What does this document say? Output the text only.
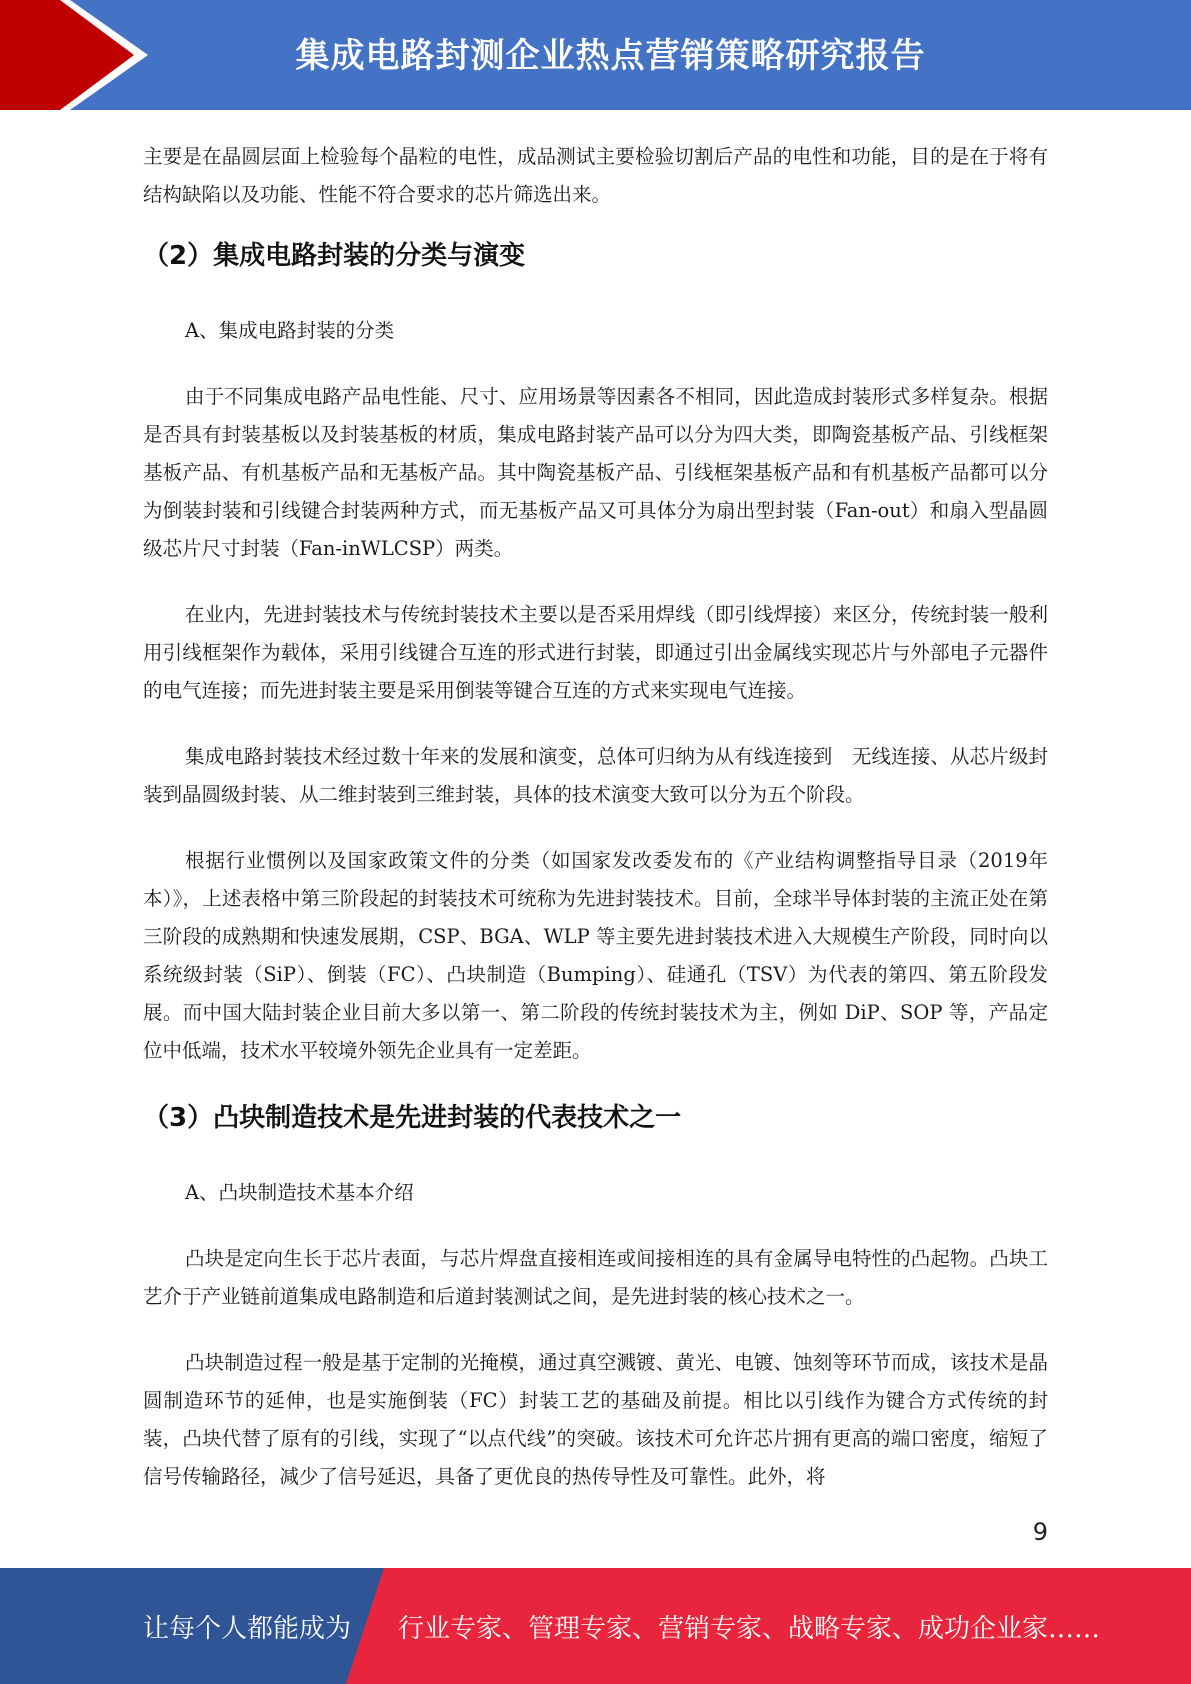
集成电路封测企业热点营销策略研究报告

主要是在晶圆层面上检验每个晶粒的电性，成品测试主要检验切割后产品的电性和功能，目的是在于将有结构缺陷以及功能、性能不符合要求的芯片筛选出来。

（2）集成电路封装的分类与演变
A、集成电路封装的分类

由于不同集成电路产品电性能、尺寸、应用场景等因素各不相同，因此造成封装形式多样复杂。根据是否具有封装基板以及封装基板的材质，集成电路封装产品可以分为四大类，即陶瓷基板产品、引线框架基板产品、有机基板产品和无基板产品。其中陶瓷基板产品、引线框架基板产品和有机基板产品都可以分为倒装封装和引线键合封装两种方式，而无基板产品又可具体分为扇出型封装（Fan-out）和扇入型晶圆级芯片尺寸封装（Fan-inWLCSP）两类。

在业内，先进封装技术与传统封装技术主要以是否采用焊线（即引线焊接）来区分，传统封装一般利用引线框架作为载体，采用引线键合互连的形式进行封装，即通过引出金属线实现芯片与外部电子元器件的电气连接；而先进封装主要是采用倒装等键合互连的方式来实现电气连接。

集成电路封装技术经过数十年来的发展和演变，总体可归纳为从有线连接到　无线连接、从芯片级封装到晶圆级封装、从二维封装到三维封装，具体的技术演变大致可以分为五个阶段。

根据行业惯例以及国家政策文件的分类（如国家发改委发布的《产业结构调整指导目录（2019年本）》，上述表格中第三阶段起的封装技术可统称为先进封装技术。目前，全球半导体封装的主流正处在第三阶段的成熟期和快速发展期，CSP、BGA、WLP 等主要先进封装技术进入大规模生产阶段，同时向以系统级封装（SiP）、倒装（FC）、凸块制造（Bumping）、硅通孔（TSV）为代表的第四、第五阶段发展。而中国大陆封装企业目前大多以第一、第二阶段的传统封装技术为主，例如 DiP、SOP 等，产品定位中低端，技术水平较境外领先企业具有一定差距。

（3）凸块制造技术是先进封装的代表技术之一
A、凸块制造技术基本介绍

凸块是定向生长于芯片表面，与芯片焊盘直接相连或间接相连的具有金属导电特性的凸起物。凸块工艺介于产业链前道集成电路制造和后道封装测试之间，是先进封装的核心技术之一。

凸块制造过程一般是基于定制的光掩模，通过真空溅镀、黄光、电镀、蚀刻等环节而成，该技术是晶圆制造环节的延伸，也是实施倒装（FC）封装工艺的基础及前提。相比以引线作为键合方式传统的封装，凸块代替了原有的引线，实现了“以点代线”的突破。该技术可允许芯片拥有更高的端口密度，缩短了信号传输路径，减少了信号延迟，具备了更优良的热传导性及可靠性。此外，将

9
让每个人都能成为 行业专家、管理专家、营销专家、战略专家、成功企业家……
